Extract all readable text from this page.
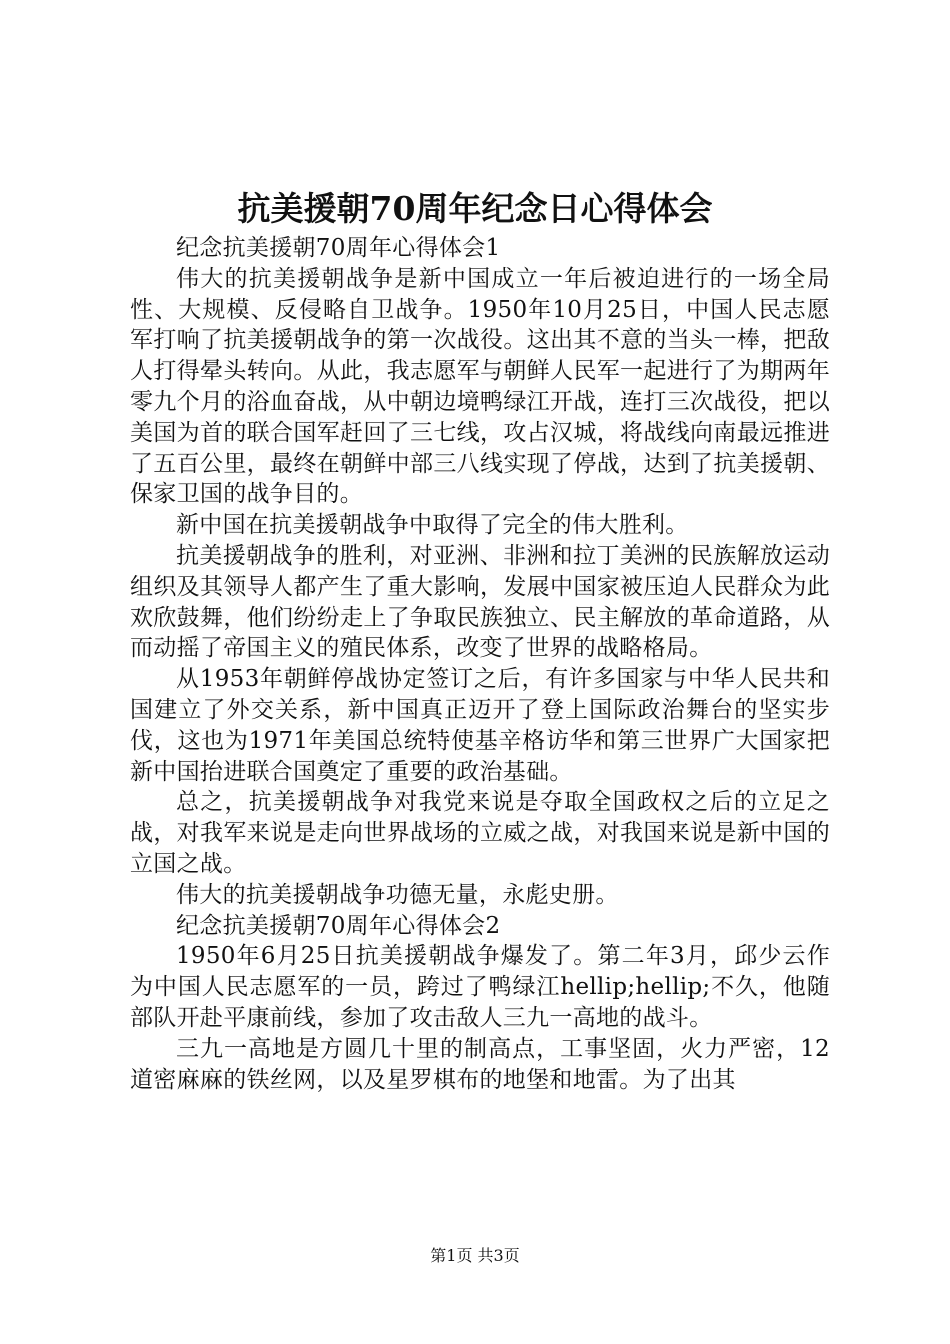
抗美援朝70周年纪念日心得体会

纪念抗美援朝70周年心得体会1

伟大的抗美援朝战争是新中国成立一年后被迫进行的一场全局性、大规模、反侵略自卫战争。1950年10月25日，中国人民志愿军打响了抗美援朝战争的第一次战役。这出其不意的当头一棒，把敌人打得晕头转向。从此，我志愿军与朝鲜人民军一起进行了为期两年零九个月的浴血奋战，从中朝边境鸭绿江开战，连打三次战役，把以美国为首的联合国军赶回了三七线，攻占汉城，将战线向南最远推进了五百公里，最终在朝鲜中部三八线实现了停战，达到了抗美援朝、保家卫国的战争目的。

新中国在抗美援朝战争中取得了完全的伟大胜利。

抗美援朝战争的胜利，对亚洲、非洲和拉丁美洲的民族解放运动组织及其领导人都产生了重大影响，发展中国家被压迫人民群众为此欢欣鼓舞，他们纷纷走上了争取民族独立、民主解放的革命道路，从而动摇了帝国主义的殖民体系，改变了世界的战略格局。

从1953年朝鲜停战协定签订之后，有许多国家与中华人民共和国建立了外交关系，新中国真正迈开了登上国际政治舞台的坚实步伐，这也为1971年美国总统特使基辛格访华和第三世界广大国家把新中国抬进联合国奠定了重要的政治基础。

总之，抗美援朝战争对我党来说是夺取全国政权之后的立足之战，对我军来说是走向世界战场的立威之战，对我国来说是新中国的立国之战。

伟大的抗美援朝战争功德无量，永彪史册。

纪念抗美援朝70周年心得体会2

1950年6月25日抗美援朝战争爆发了。第二年3月，邱少云作为中国人民志愿军的一员，跨过了鸭绿江hellip;hellip;不久，他随部队开赴平康前线，参加了攻击敌人三九一高地的战斗。

三九一高地是方圆几十里的制高点，工事坚固，火力严密，12道密麻麻的铁丝网，以及星罗棋布的地堡和地雷。为了出其

第1页 共3页
